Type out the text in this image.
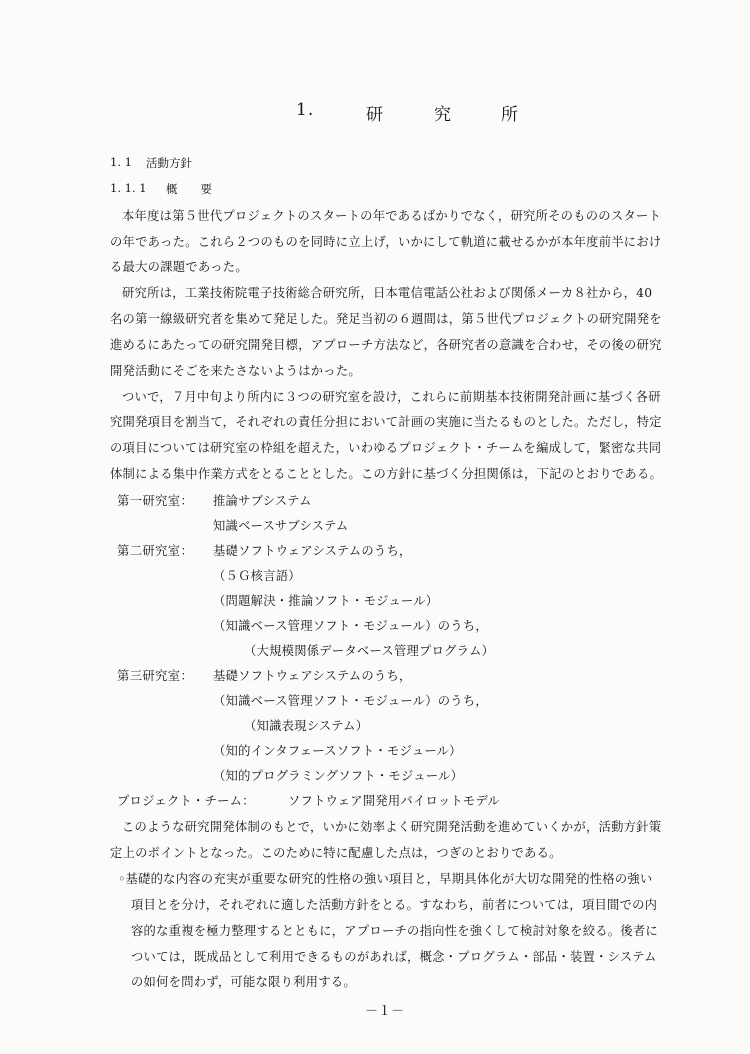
1.	研	究	所
1. 1 活動方針
1. 1. 1 概　　要
本年度は第５世代プロジェクトのスタートの年であるばかりでなく，研究所そのもののスタート
の年であった。これら２つのものを同時に立上げ，いかにして軌道に載せるかが本年度前半におけ
る最大の課題であった。
研究所は，工業技術院電子技術総合研究所，日本電信電話公社および関係メーカ８社から，40
名の第一線級研究者を集めて発足した。発足当初の６週間は，第５世代プロジェクトの研究開発を
進めるにあたっての研究開発目標，アプローチ方法など，各研究者の意識を合わせ，その後の研究
開発活動にそごを来たさないようはかった。
ついで，７月中旬より所内に３つの研究室を設け，これらに前期基本技術開発計画に基づく各研
究開発項目を割当て，それぞれの責任分担において計画の実施に当たるものとした。ただし，特定
の項目については研究室の枠組を超えた，いわゆるプロジェクト・チームを編成して，緊密な共同
体制による集中作業方式をとることとした。この方針に基づく分担関係は，下記のとおりである。
第一研究室： 推論サブシステム
知識ベースサブシステム
第二研究室： 基礎ソフトウェアシステムのうち，
（５Ｇ核言語）
（問題解決・推論ソフト・モジュール）
（知識ベース管理ソフト・モジュール）のうち，
（大規模関係データベース管理プログラム）
第三研究室： 基礎ソフトウェアシステムのうち，
（知識ベース管理ソフト・モジュール）のうち，
（知識表現システム）
（知的インタフェースソフト・モジュール）
（知的プログラミングソフト・モジュール）
プロジェクト・チーム：	ソフトウェア開発用パイロットモデル
このような研究開発体制のもとで，いかに効率よく研究開発活動を進めていくかが，活動方針策
定上のポイントとなった。このために特に配慮した点は，つぎのとおりである。
◦基礎的な内容の充実が重要な研究的性格の強い項目と，早期具体化が大切な開発的性格の強い
項目とを分け，それぞれに適した活動方針をとる。すなわち，前者については，項目間での内
容的な重複を極力整理するとともに，アプローチの指向性を強くして検討対象を絞る。後者に
ついては，既成品として利用できるものがあれば，概念・プログラム・部品・装置・システム
の如何を問わず，可能な限り利用する。
－１－
